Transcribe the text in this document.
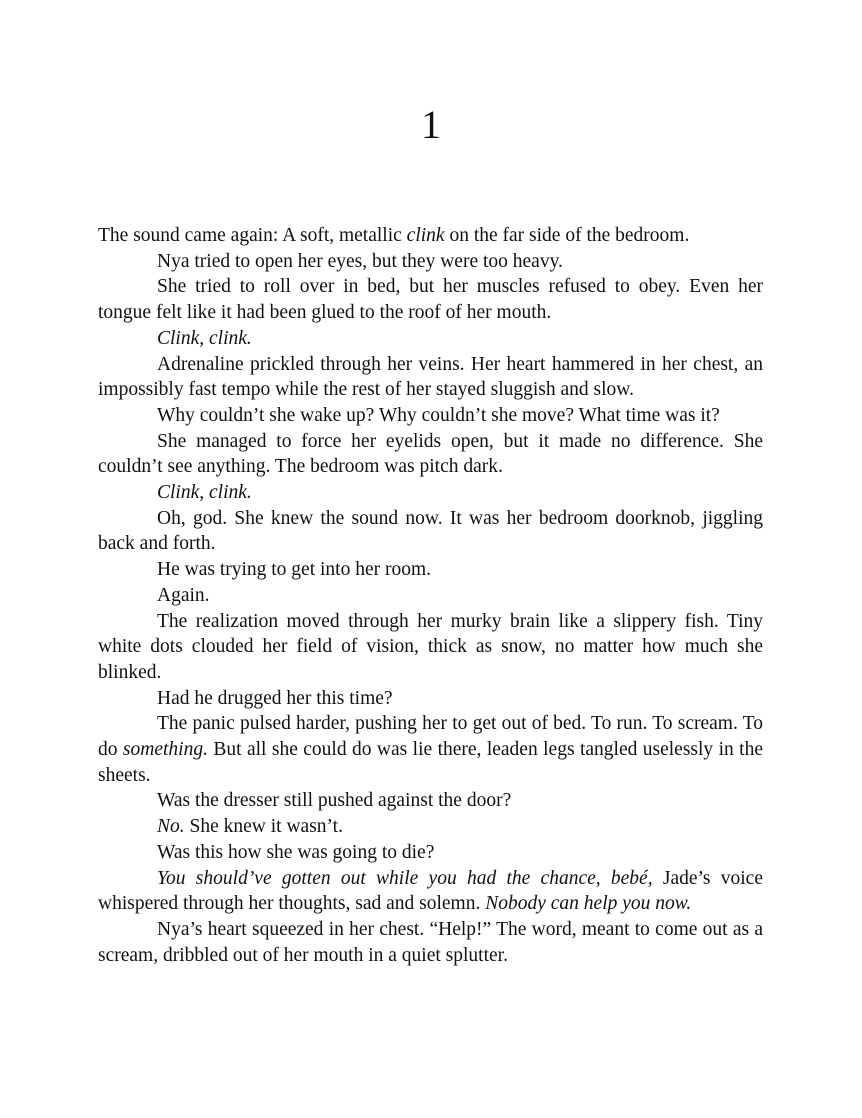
1

The sound came again: A soft, metallic clink on the far side of the bedroom.

Nya tried to open her eyes, but they were too heavy.

She tried to roll over in bed, but her muscles refused to obey. Even her tongue felt like it had been glued to the roof of her mouth.

Clink, clink.

Adrenaline prickled through her veins. Her heart hammered in her chest, an impossibly fast tempo while the rest of her stayed sluggish and slow.

Why couldn’t she wake up? Why couldn’t she move? What time was it?

She managed to force her eyelids open, but it made no difference. She couldn’t see anything. The bedroom was pitch dark.

Clink, clink.

Oh, god. She knew the sound now. It was her bedroom doorknob, jiggling back and forth.

He was trying to get into her room.

Again.

The realization moved through her murky brain like a slippery fish. Tiny white dots clouded her field of vision, thick as snow, no matter how much she blinked.

Had he drugged her this time?

The panic pulsed harder, pushing her to get out of bed. To run. To scream. To do something. But all she could do was lie there, leaden legs tangled uselessly in the sheets.

Was the dresser still pushed against the door?

No. She knew it wasn’t.

Was this how she was going to die?

You should’ve gotten out while you had the chance, bebé, Jade’s voice whispered through her thoughts, sad and solemn. Nobody can help you now.

Nya’s heart squeezed in her chest. “Help!” The word, meant to come out as a scream, dribbled out of her mouth in a quiet splutter.
